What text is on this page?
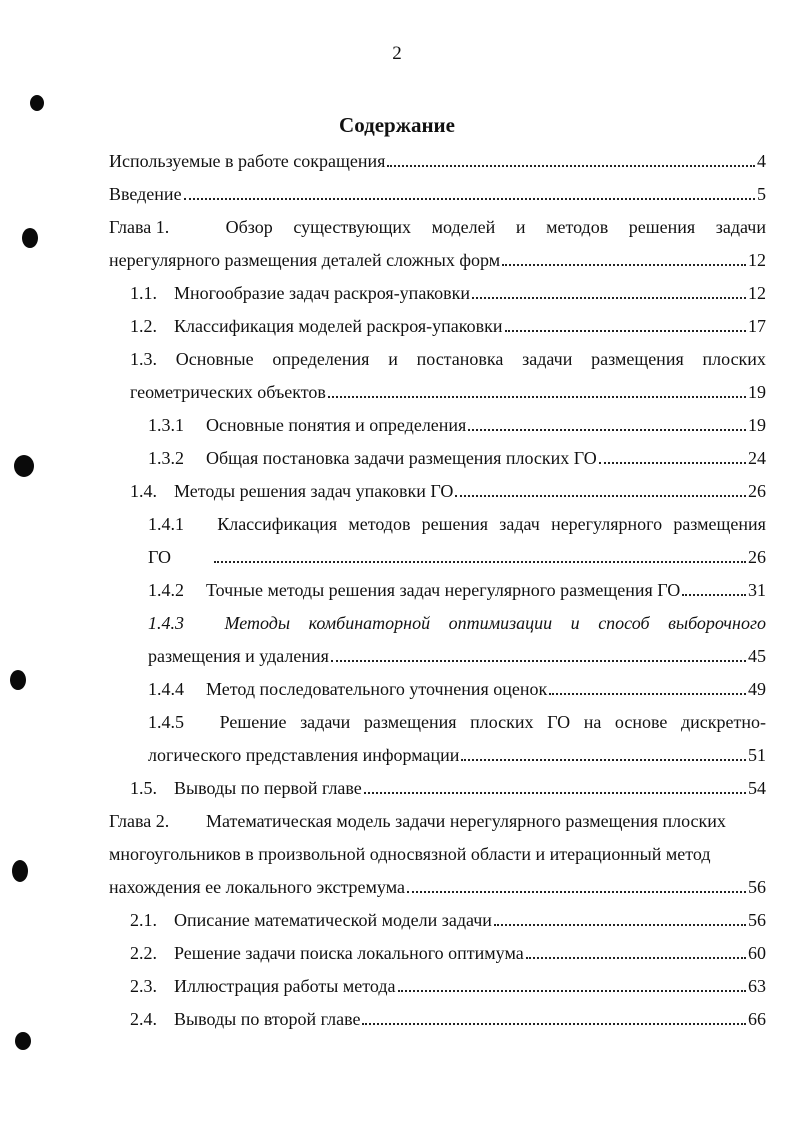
2
Содержание
Используемые в работе сокращения	4
Введение	5
Глава 1.	Обзор существующих моделей и методов решения задачи
нерегулярного размещения деталей сложных форм	12
1.1. Многообразие задач раскроя-упаковки	12
1.2. Классификация моделей раскроя-упаковки	17
1.3. Основные определения и постановка задачи размещения плоских
геометрических объектов	19
1.3.1	Основные понятия и определения	19
1.3.2	Общая постановка задачи размещения плоских ГО	24
1.4. Методы решения задач упаковки ГО	26
1.4.1	Классификация методов решения задач нерегулярного размещения
ГО	26
1.4.2	Точные методы решения задач нерегулярного размещения ГО	31
1.4.3	Методы комбинаторной оптимизации и способ выборочного
размещения и удаления	45
1.4.4	Метод последовательного уточнения оценок	49
1.4.5	Решение задачи размещения плоских ГО на основе дискретно-
логического представления информации	51
1.5. Выводы по первой главе	54
Глава 2.	Математическая модель задачи нерегулярного размещения плоских
многоугольников в произвольной односвязной области и итерационный метод
нахождения ее локального экстремума	56
2.1. Описание математической модели задачи	56
2.2. Решение задачи поиска локального оптимума	60
2.3. Иллюстрация работы метода	63
2.4. Выводы по второй главе	66
